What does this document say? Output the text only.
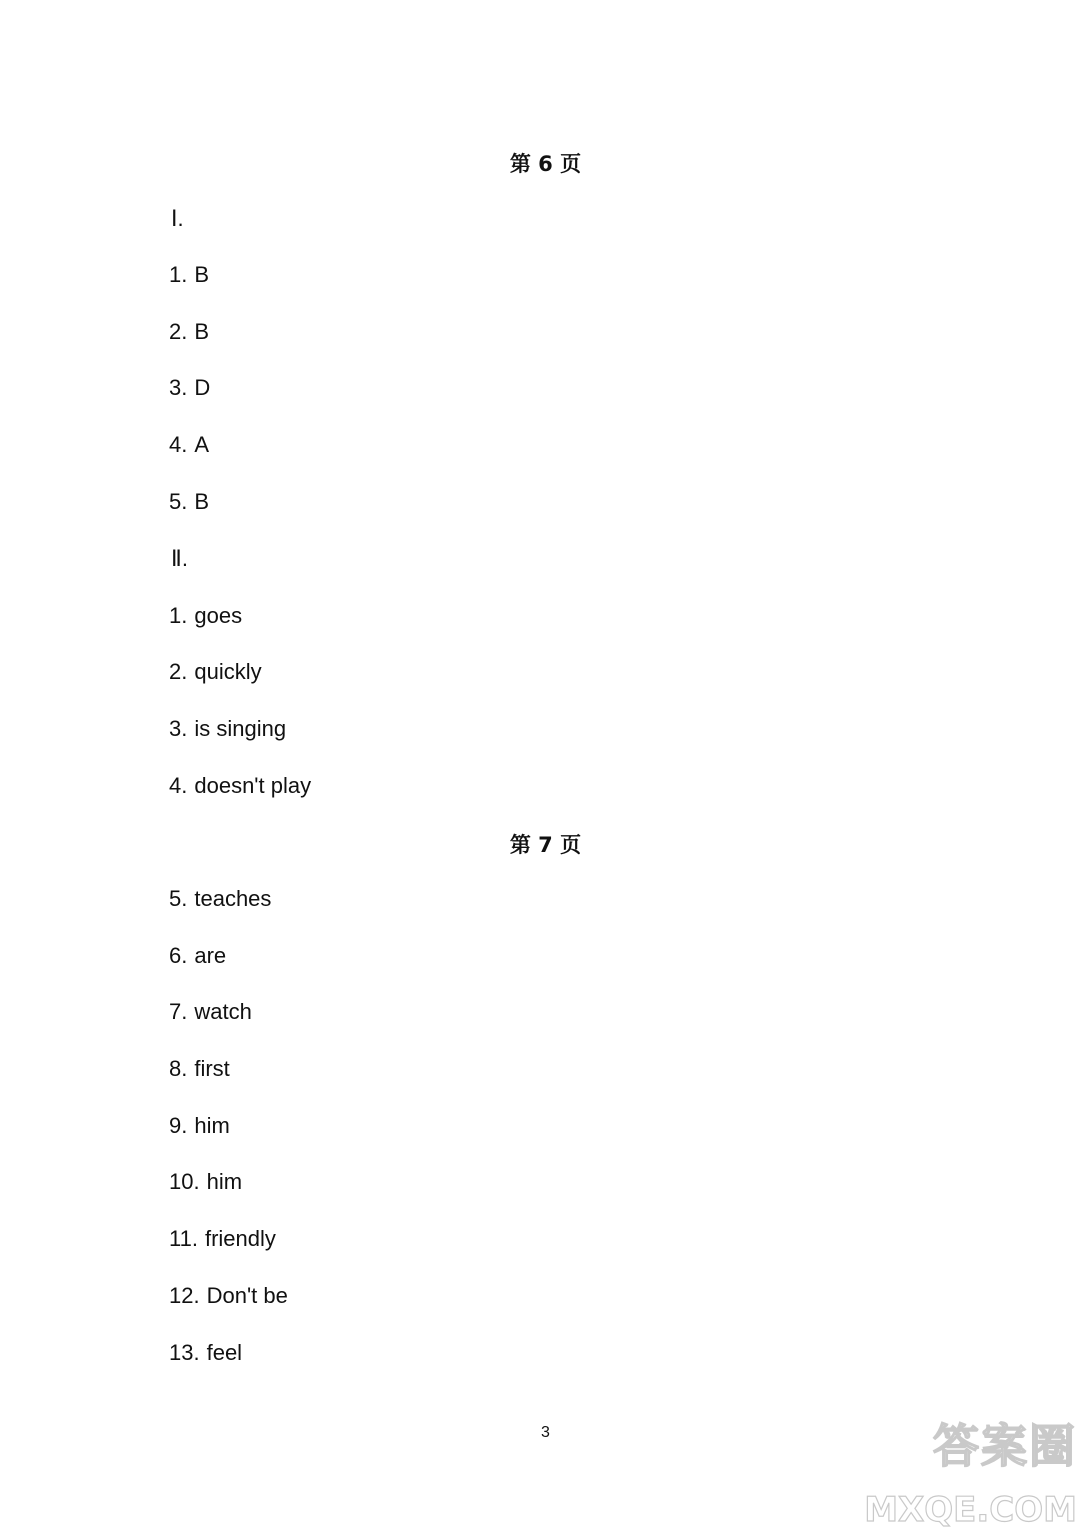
第 6 页
Ⅰ.
1. B
2. B
3. D
4. A
5. B
Ⅱ.
1. goes
2. quickly
3. is singing
4. doesn't play
第 7 页
5. teaches
6. are
7. watch
8. first
9. him
10. him
11. friendly
12. Don't be
13. feel
3	答案圈
MXQE.COM
